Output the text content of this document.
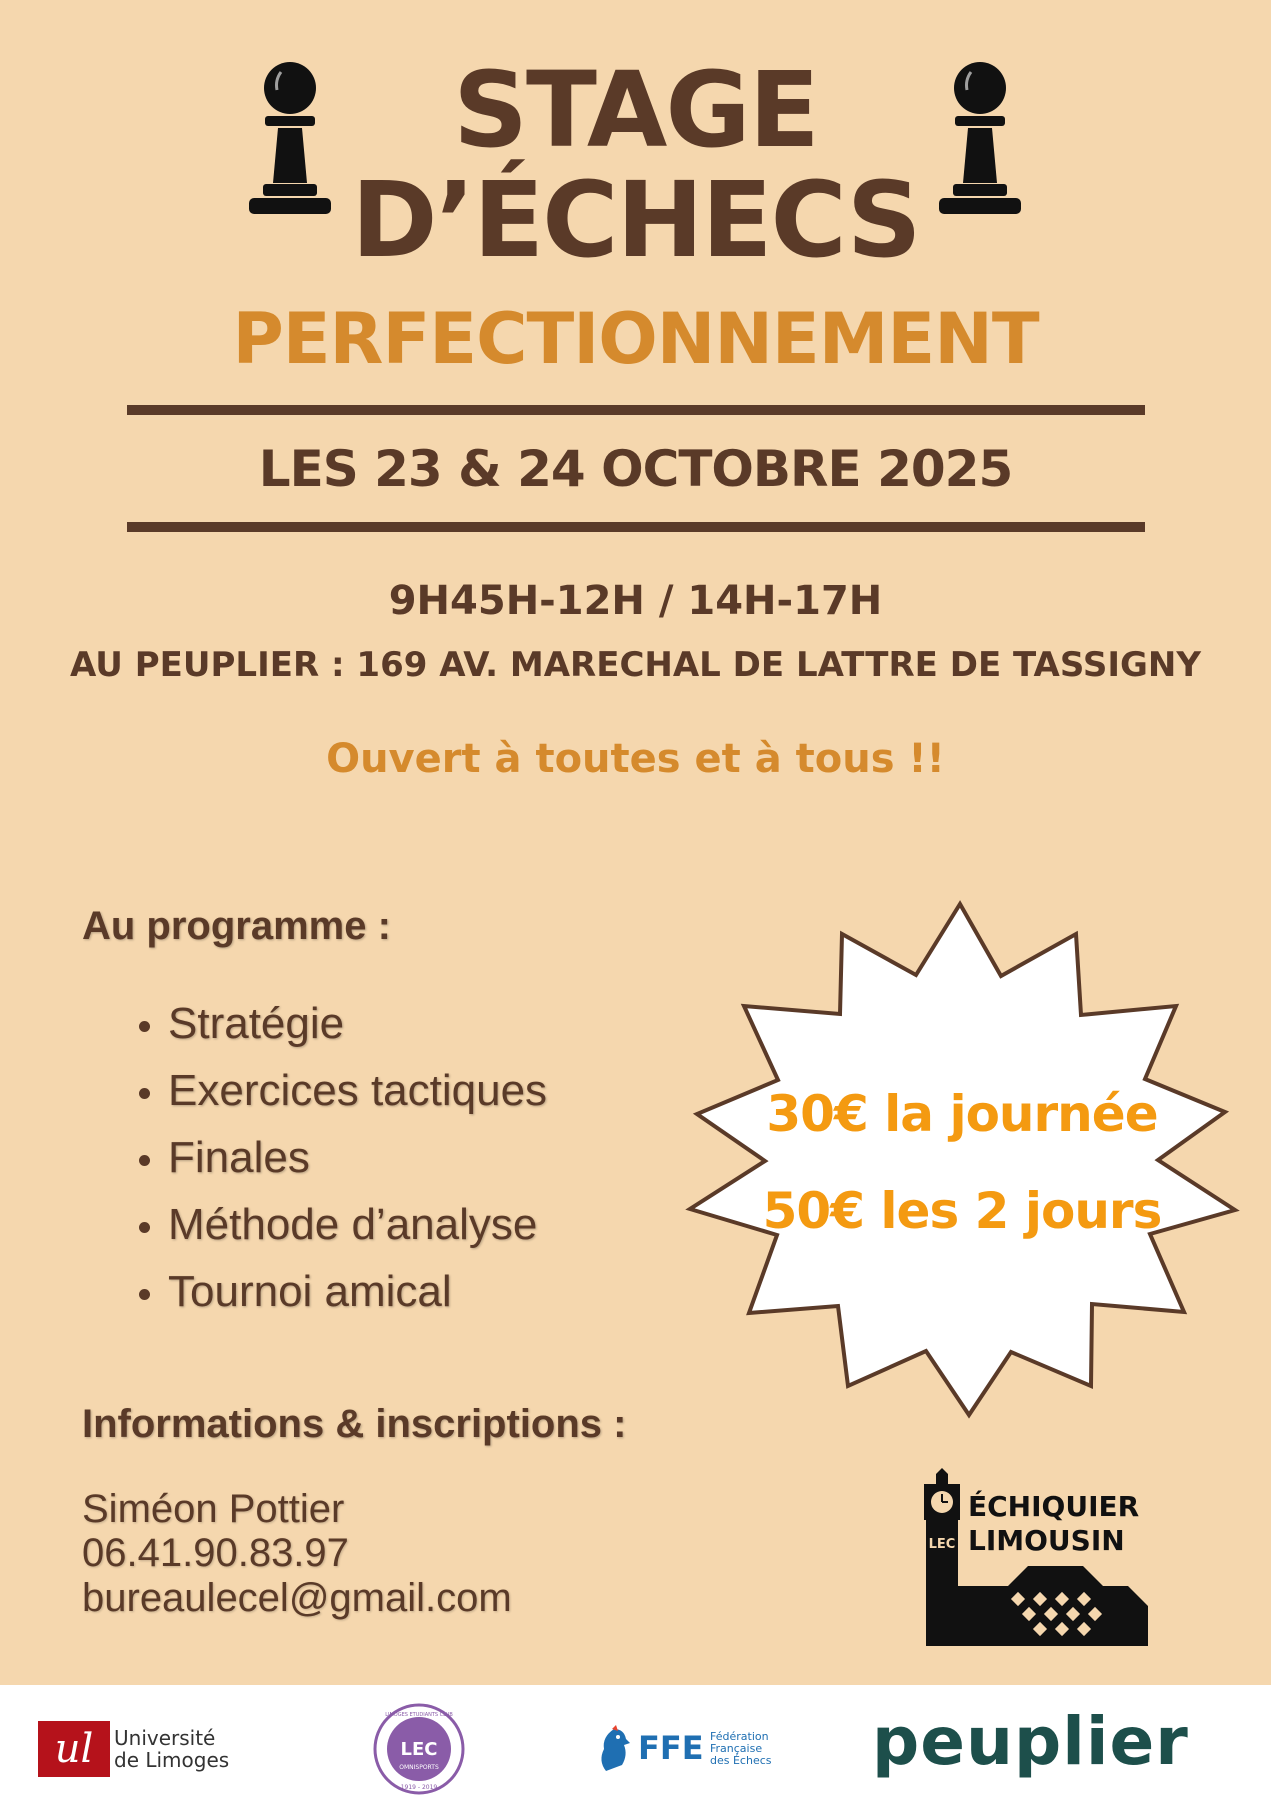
STAGE
D’ÉCHECS
PERFECTIONNEMENT
LES 23 & 24 OCTOBRE 2025
9H45H-12H / 14H-17H
AU PEUPLIER : 169 AV. MARECHAL DE LATTRE DE TASSIGNY
Ouvert à toutes et à tous !!
Au programme :
• Stratégie
• Exercices tactiques
• Finales
• Méthode d’analyse
• Tournoi amical
30€ la journée
50€ les 2 jours
Informations & inscriptions :
Siméon Pottier
06.41.90.83.97
bureaulecel@gmail.com
LEC
ÉCHIQUIER
LIMOUSIN
ul	Université
de Limoges	LEC
OMNISPORTS
LIMOGES ETUDIANTS CLUB
1919 - 2019
FFE Fédération
Française
des Échecs peuplier
